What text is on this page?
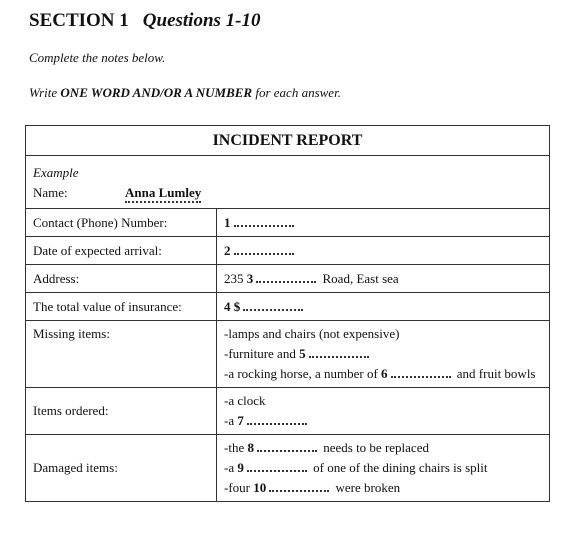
SECTION 1 Questions 1-10
Complete the notes below.
Write ONE WORD AND/OR A NUMBER for each answer.
INCIDENT REPORT	

Example
Name: Anna Lumley	

Contact (Phone) Number:	1
Date of expected arrival:	2
Address:	235 3 Road, East sea
The total value of insurance:	4 $
Missing items:	-lamps and chairs (not expensive)
-furniture and 5
-a rocking horse, a number of 6 and fruit bowls

Items ordered:	-a clock
-a 7

Damaged items:	-the 8 needs to be replaced
-a 9 of one of the dining chairs is split
-four 10 were broken
